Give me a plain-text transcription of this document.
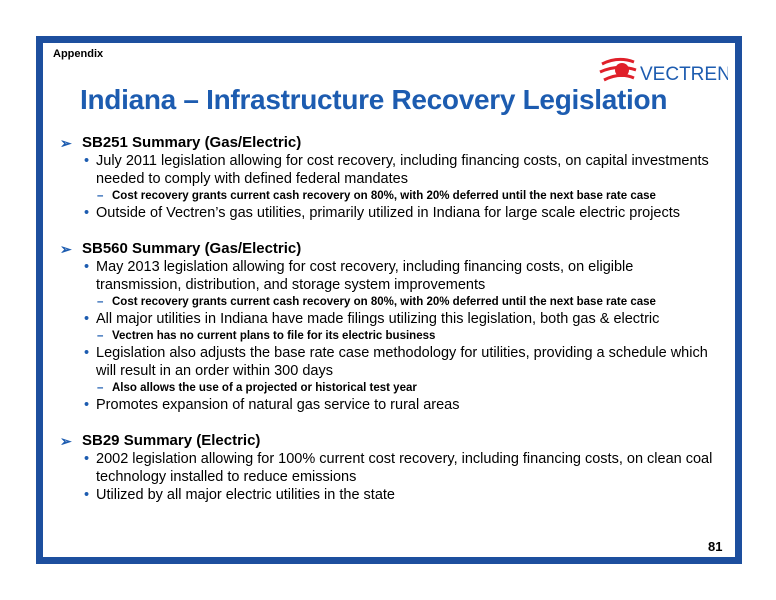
Appendix
VECTREN
Indiana – Infrastructure Recovery Legislation
➢ SB251 Summary (Gas/Electric)
• July 2011 legislation allowing for cost recovery, including financing costs, on capital investments needed to comply with defined federal mandates
– Cost recovery grants current cash recovery on 80%, with 20% deferred until the next base rate case
• Outside of Vectren’s gas utilities, primarily utilized in Indiana for large scale electric projects
➢ SB560 Summary (Gas/Electric)
• May 2013 legislation allowing for cost recovery, including financing costs, on eligible transmission, distribution, and storage system improvements
– Cost recovery grants current cash recovery on 80%, with 20% deferred until the next base rate case
• All major utilities in Indiana have made filings utilizing this legislation, both gas & electric
– Vectren has no current plans to file for its electric business
• Legislation also adjusts the base rate case methodology for utilities, providing a schedule which will result in an order within 300 days
– Also allows the use of a projected or historical test year
• Promotes expansion of natural gas service to rural areas
➢ SB29 Summary (Electric)
• 2002 legislation allowing for 100% current cost recovery, including financing costs, on clean coal technology installed to reduce emissions
• Utilized by all major electric utilities in the state
81
